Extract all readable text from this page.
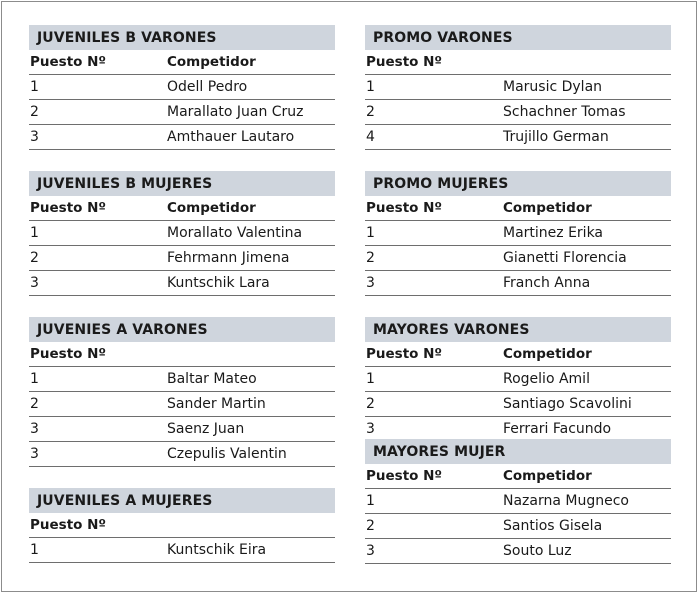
JUVENILES B VARONES
Puesto Nº	Competidor
1	Odell Pedro
2	Marallato Juan Cruz
3	Amthauer Lautaro
PROMO VARONES
Puesto Nº
1	Marusic Dylan
2	Schachner Tomas
4	Trujillo German
JUVENILES B MUJERES
Puesto Nº	Competidor
1	Morallato Valentina
2	Fehrmann Jimena
3	Kuntschik Lara
PROMO MUJERES
Puesto Nº	Competidor
1	Martinez Erika
2	Gianetti Florencia
3	Franch Anna
JUVENIES A VARONES
Puesto Nº
1	Baltar Mateo
2	Sander Martin
3	Saenz Juan
3	Czepulis Valentin
MAYORES VARONES
Puesto Nº	Competidor
1	Rogelio Amil
2	Santiago Scavolini
3	Ferrari Facundo
JUVENILES A MUJERES
Puesto Nº
1	Kuntschik Eira
MAYORES MUJER
Puesto Nº	Competidor
1	Nazarna Mugneco
2	Santios Gisela
3	Souto Luz
